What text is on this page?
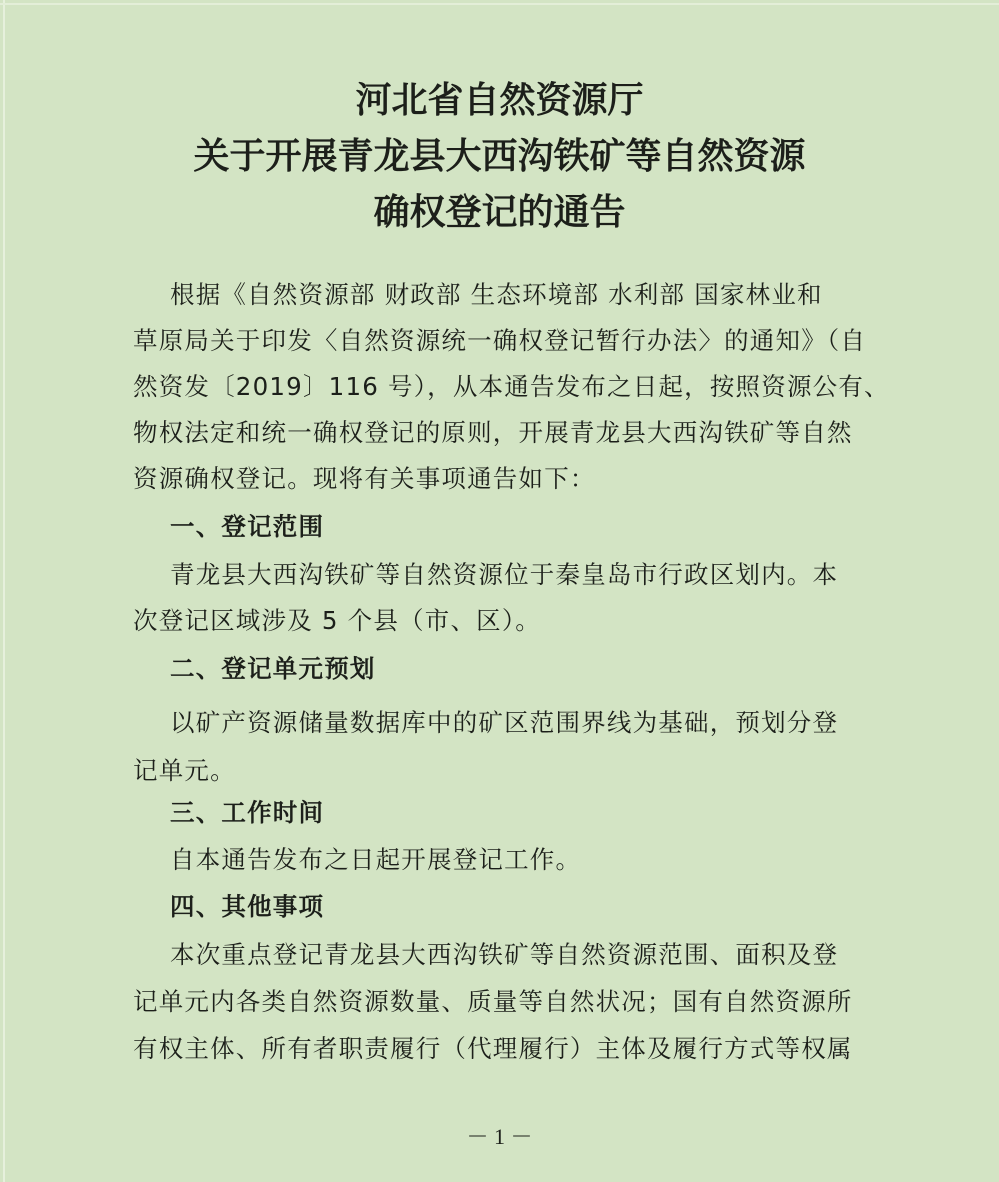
河北省自然资源厅
关于开展青龙县大西沟铁矿等自然资源
确权登记的通告
根据《自然资源部 财政部 生态环境部 水利部 国家林业和
草原局关于印发〈自然资源统一确权登记暂行办法〉的通知》（自
然资发〔2019〕116 号），从本通告发布之日起，按照资源公有、
物权法定和统一确权登记的原则，开展青龙县大西沟铁矿等自然
资源确权登记。现将有关事项通告如下：
一、登记范围
青龙县大西沟铁矿等自然资源位于秦皇岛市行政区划内。本
次登记区域涉及 5 个县（市、区）。
二、登记单元预划
以矿产资源储量数据库中的矿区范围界线为基础，预划分登
记单元。
三、工作时间
自本通告发布之日起开展登记工作。
四、其他事项
本次重点登记青龙县大西沟铁矿等自然资源范围、面积及登
记单元内各类自然资源数量、质量等自然状况；国有自然资源所
有权主体、所有者职责履行（代理履行）主体及履行方式等权属
－ 1 －
